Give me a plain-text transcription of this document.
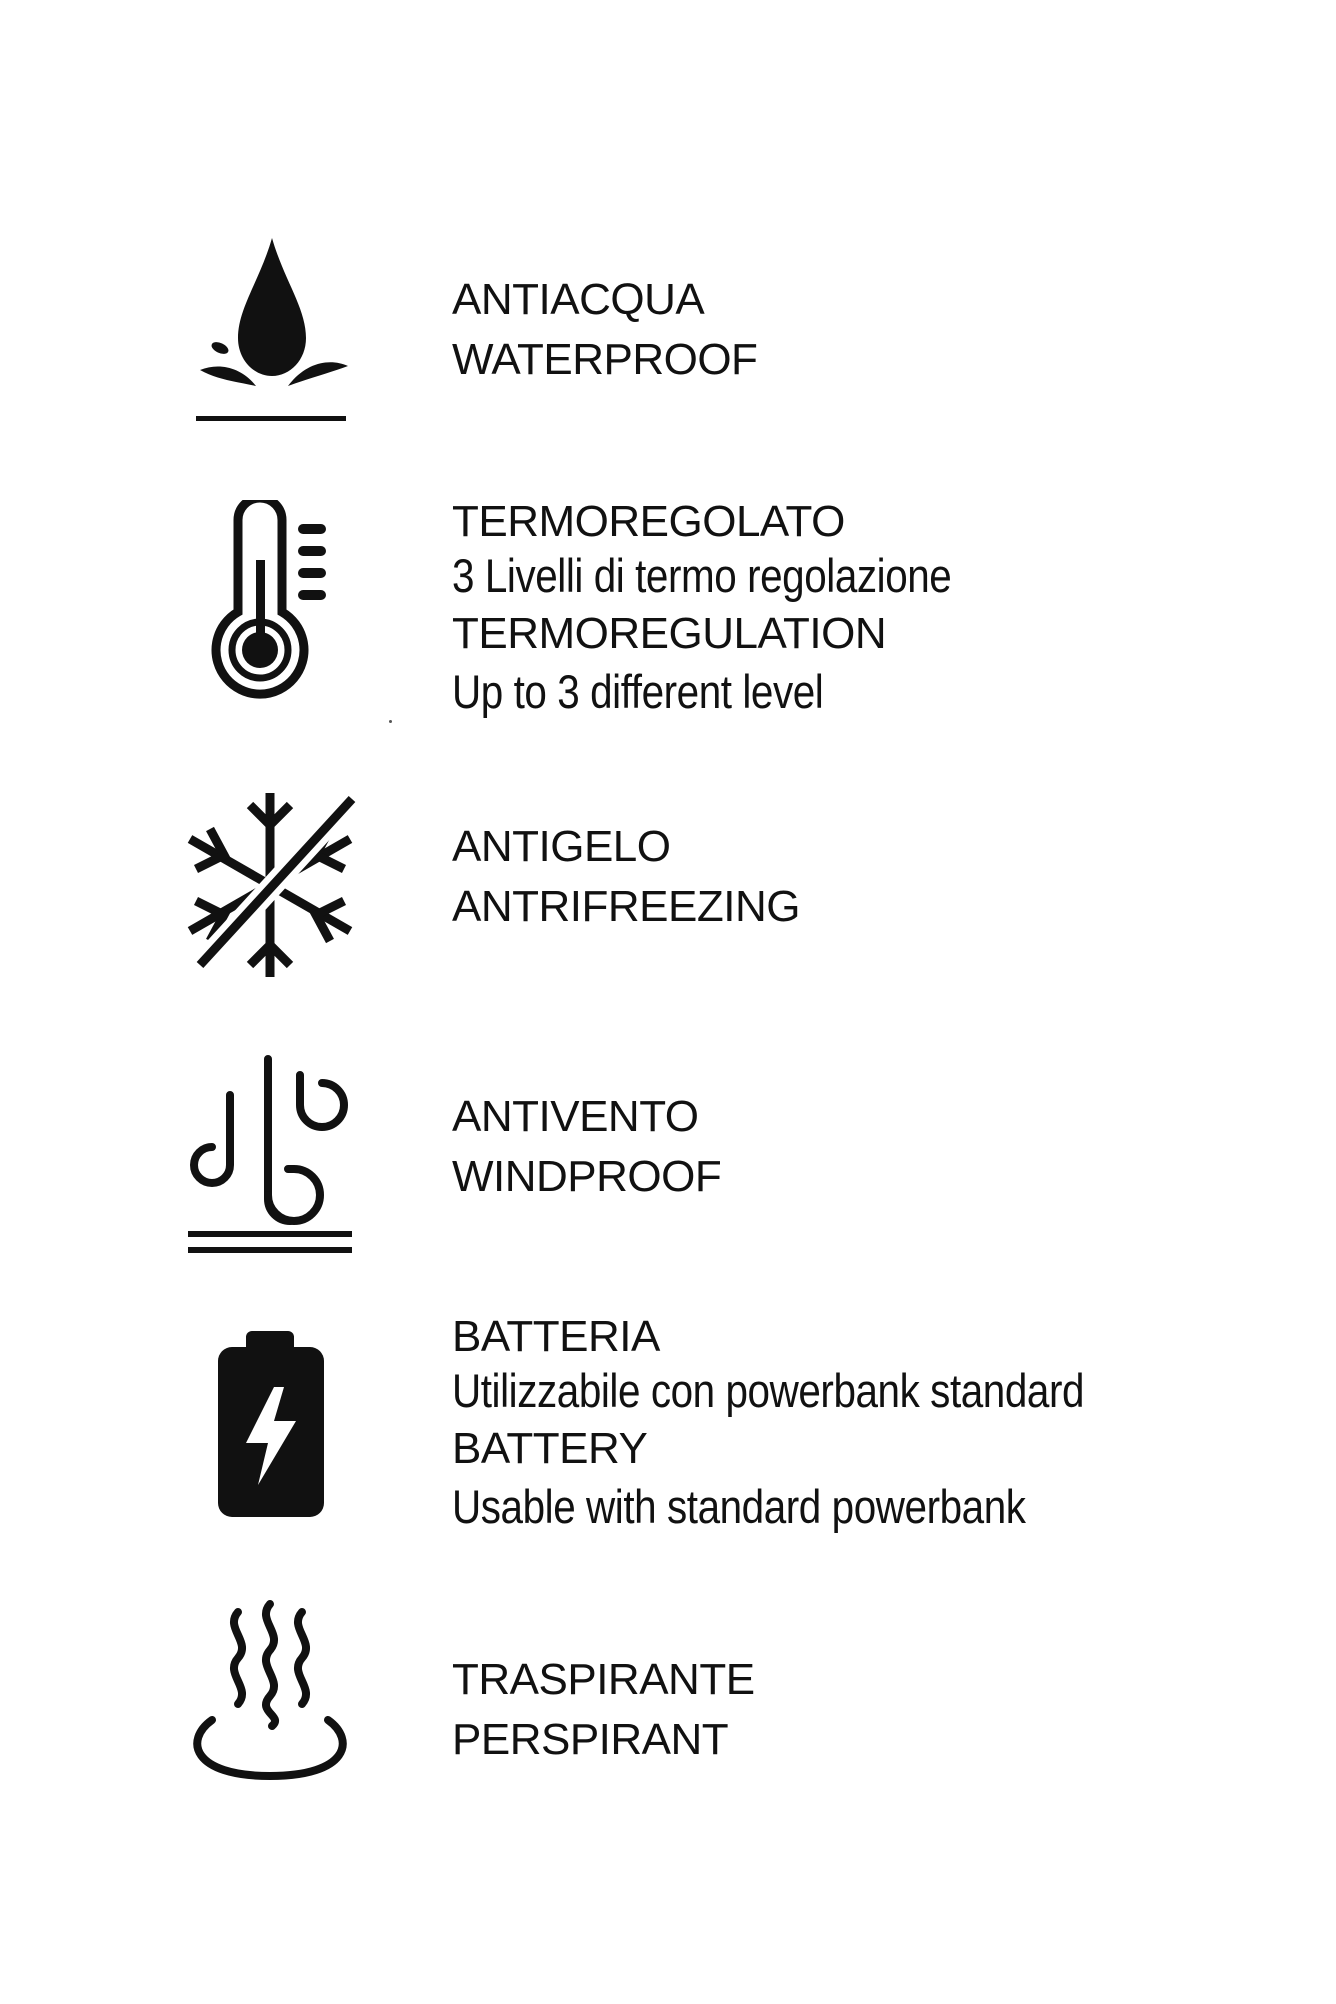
ANTIACQUA
WATERPROOF
TERMOREGOLATO
3 Livelli di termo regolazione
TERMOREGULATION
Up to 3 different level
ANTIGELO
ANTRIFREEZING
ANTIVENTO
WINDPROOF
BATTERIA
Utilizzabile con powerbank standard
BATTERY
Usable with standard powerbank
TRASPIRANTE
PERSPIRANT
